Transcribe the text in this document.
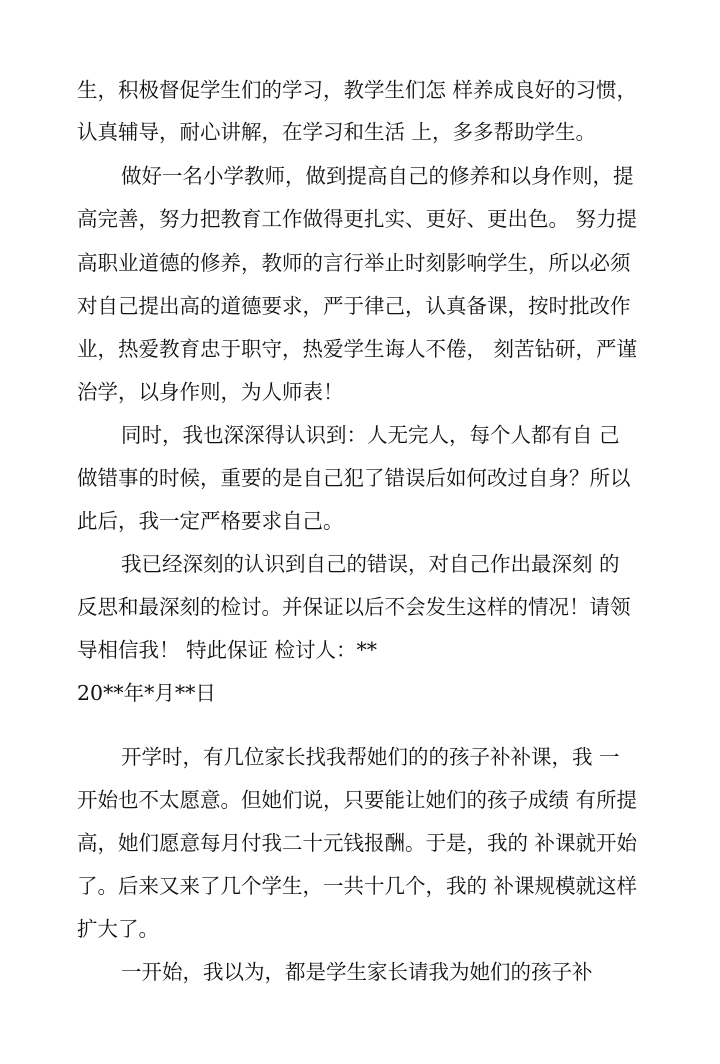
生，积极督促学生们的学习，教学生们怎 样养成良好的习惯，
认真辅导，耐心讲解，在学习和生活 上，多多帮助学生。
做好一名小学教师，做到提高自己的修养和以身作则，提
高完善，努力把教育工作做得更扎实、更好、更出色。 努力提
高职业道德的修养，教师的言行举止时刻影响学生，所以必须
对自己提出高的道德要求，严于律己，认真备课，按时批改作
业，热爱教育忠于职守，热爱学生诲人不倦， 刻苦钻研，严谨
治学，以身作则，为人师表！
同时，我也深深得认识到：人无完人，每个人都有自 己
做错事的时候，重要的是自己犯了错误后如何改过自身？所以
此后，我一定严格要求自己。
我已经深刻的认识到自己的错误，对自己作出最深刻 的
反思和最深刻的检讨。并保证以后不会发生这样的情况！请领
导相信我！ 特此保证 检讨人：**
20**年*月**日
开学时，有几位家长找我帮她们的的孩子补补课，我 一
开始也不太愿意。但她们说，只要能让她们的孩子成绩 有所提
高，她们愿意每月付我二十元钱报酬。于是，我的 补课就开始
了。后来又来了几个学生，一共十几个，我的 补课规模就这样
扩大了。
一开始，我以为，都是学生家长请我为她们的孩子补
